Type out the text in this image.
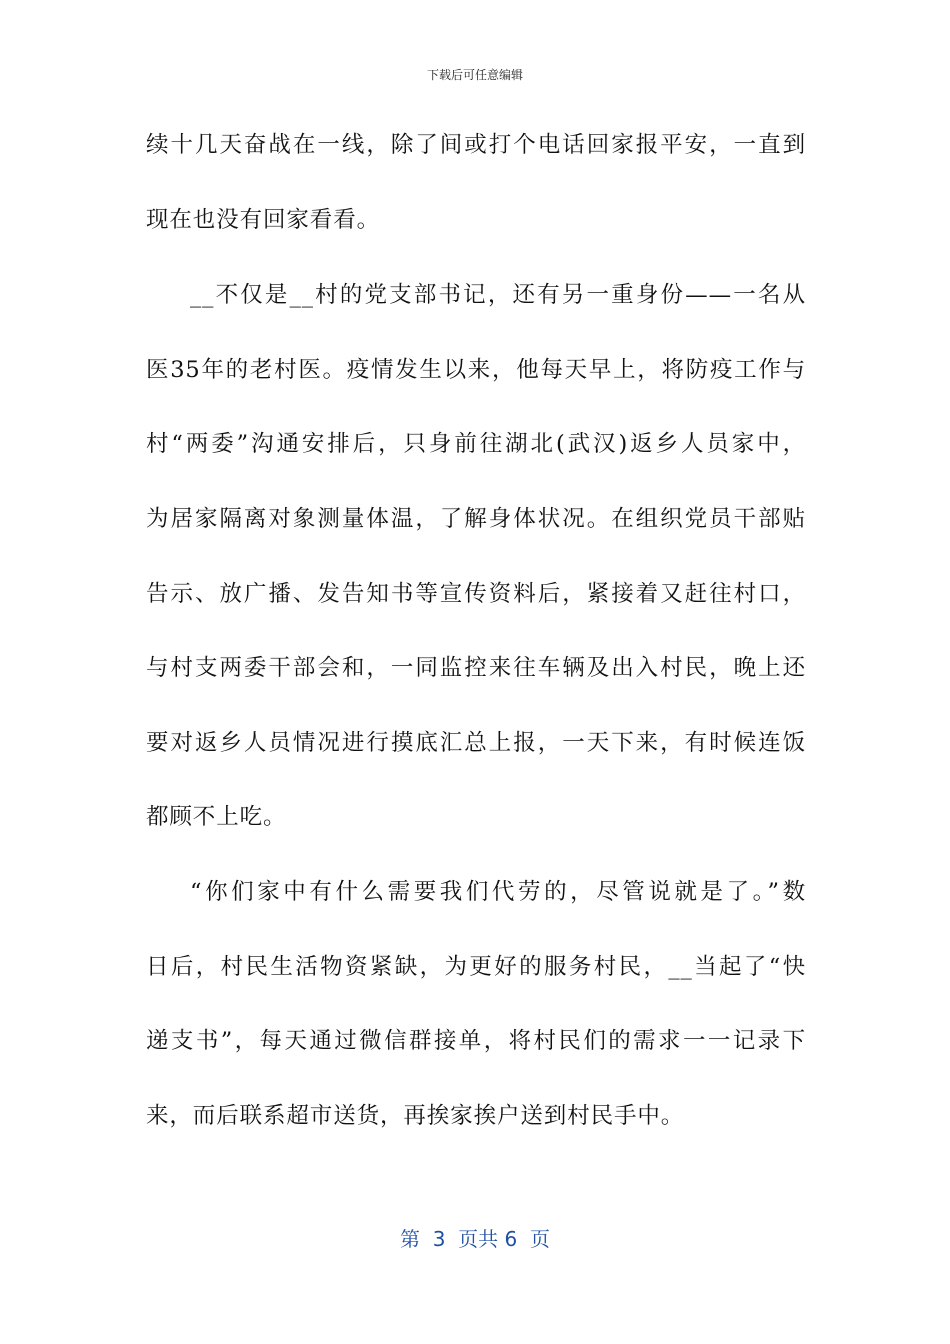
下载后可任意编辑
续十几天奋战在一线，除了间或打个电话回家报平安，一直到
现在也没有回家看看。
__不仅是__村的党支部书记，还有另一重身份——一名从
医35年的老村医。疫情发生以来，他每天早上，将防疫工作与
村“两委”沟通安排后，只身前往湖北(武汉)返乡人员家中，
为居家隔离对象测量体温，了解身体状况。在组织党员干部贴
告示、放广播、发告知书等宣传资料后，紧接着又赶往村口，
与村支两委干部会和，一同监控来往车辆及出入村民，晚上还
要对返乡人员情况进行摸底汇总上报，一天下来，有时候连饭
都顾不上吃。
“你们家中有什么需要我们代劳的，尽管说就是了。”数
日后，村民生活物资紧缺，为更好的服务村民，__当起了“快
递支书”，每天通过微信群接单，将村民们的需求一一记录下
来，而后联系超市送货，再挨家挨户送到村民手中。
第  3  页共 6  页
